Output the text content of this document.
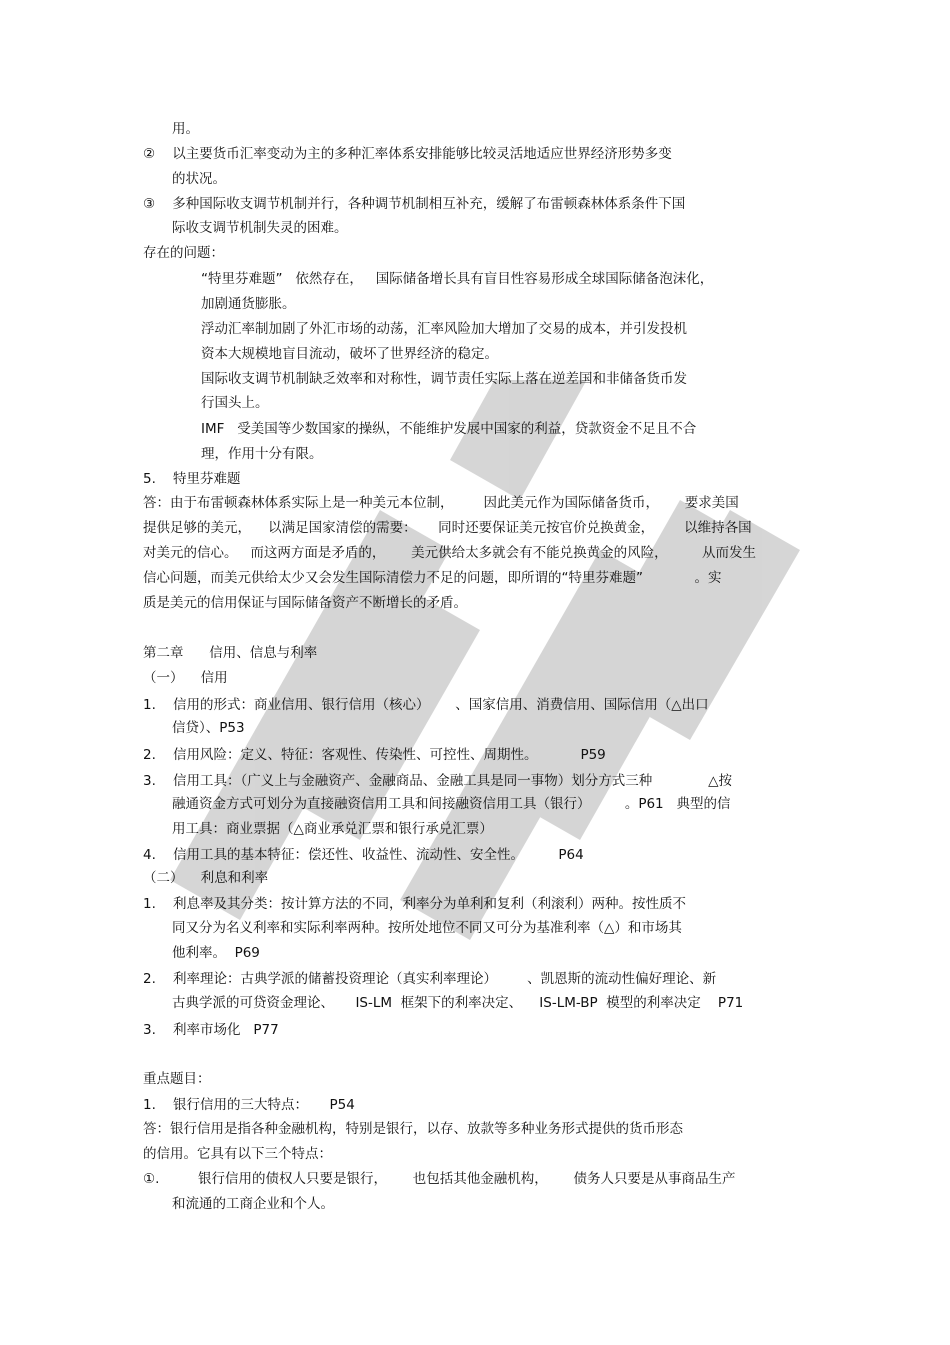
用。
②    以主要货币汇率变动为主的多种汇率体系安排能够比较灵活地适应世界经济形势多变
的状况。
③    多种国际收支调节机制并行，各种调节机制相互补充，缓解了布雷顿森林体系条件下国
际收支调节机制失灵的困难。
存在的问题：
“特里芬难题”   依然存在，   国际储备增长具有盲目性容易形成全球国际储备泡沫化，
加剧通货膨胀。
浮动汇率制加剧了外汇市场的动荡，汇率风险加大增加了交易的成本，并引发投机
资本大规模地盲目流动，破坏了世界经济的稳定。
国际收支调节机制缺乏效率和对称性，调节责任实际上落在逆差国和非储备货币发
行国头上。
IMF   受美国等少数国家的操纵，不能维护发展中国家的利益，贷款资金不足且不合
理，作用十分有限。
5.    特里芬难题
答：由于布雷顿森林体系实际上是一种美元本位制，       因此美元作为国际储备货币，      要求美国
提供足够的美元，    以满足国家清偿的需要：     同时还要保证美元按官价兑换黄金，       以维持各国
对美元的信心。   而这两方面是矛盾的，      美元供给太多就会有不能兑换黄金的风险，        从而发生
信心问题，而美元供给太少又会发生国际清偿力不足的问题，即所谓的“特里芬难题”            。实
质是美元的信用保证与国际储备资产不断增长的矛盾。
第二章      信用、信息与利率
（一）    信用
1.    信用的形式：商业信用、银行信用（核心）      、国家信用、消费信用、国际信用（△出口
信贷）、P53
2.    信用风险：定义、特征：客观性、传染性、可控性、周期性。          P59
3.    信用工具：（广义上与金融资产、金融商品、金融工具是同一事物）划分方式三种             △按
融通资金方式可划分为直接融资信用工具和间接融资信用工具（银行）        。P61   典型的信
用工具：商业票据（△商业承兑汇票和银行承兑汇票）
4.    信用工具的基本特征：偿还性、收益性、流动性、安全性。        P64
（二）    利息和利率
1.    利息率及其分类：按计算方法的不同，利率分为单利和复利（利滚利）两种。按性质不
同又分为名义利率和实际利率两种。按所处地位不同又可分为基准利率（△）和市场其
他利率。  P69
2.    利率理论：古典学派的储蓄投资理论（真实利率理论）       、凯恩斯的流动性偏好理论、新
古典学派的可贷资金理论、     IS-LM  框架下的利率决定、    IS-LM-BP  模型的利率决定    P71
3.    利率市场化   P77
重点题目：
1.    银行信用的三大特点：     P54
答：银行信用是指各种金融机构，特别是银行，以存、放款等多种业务形式提供的货币形态
的信用。它具有以下三个特点：
①.         银行信用的债权人只要是银行，      也包括其他金融机构，      债务人只要是从事商品生产
和流通的工商企业和个人。
